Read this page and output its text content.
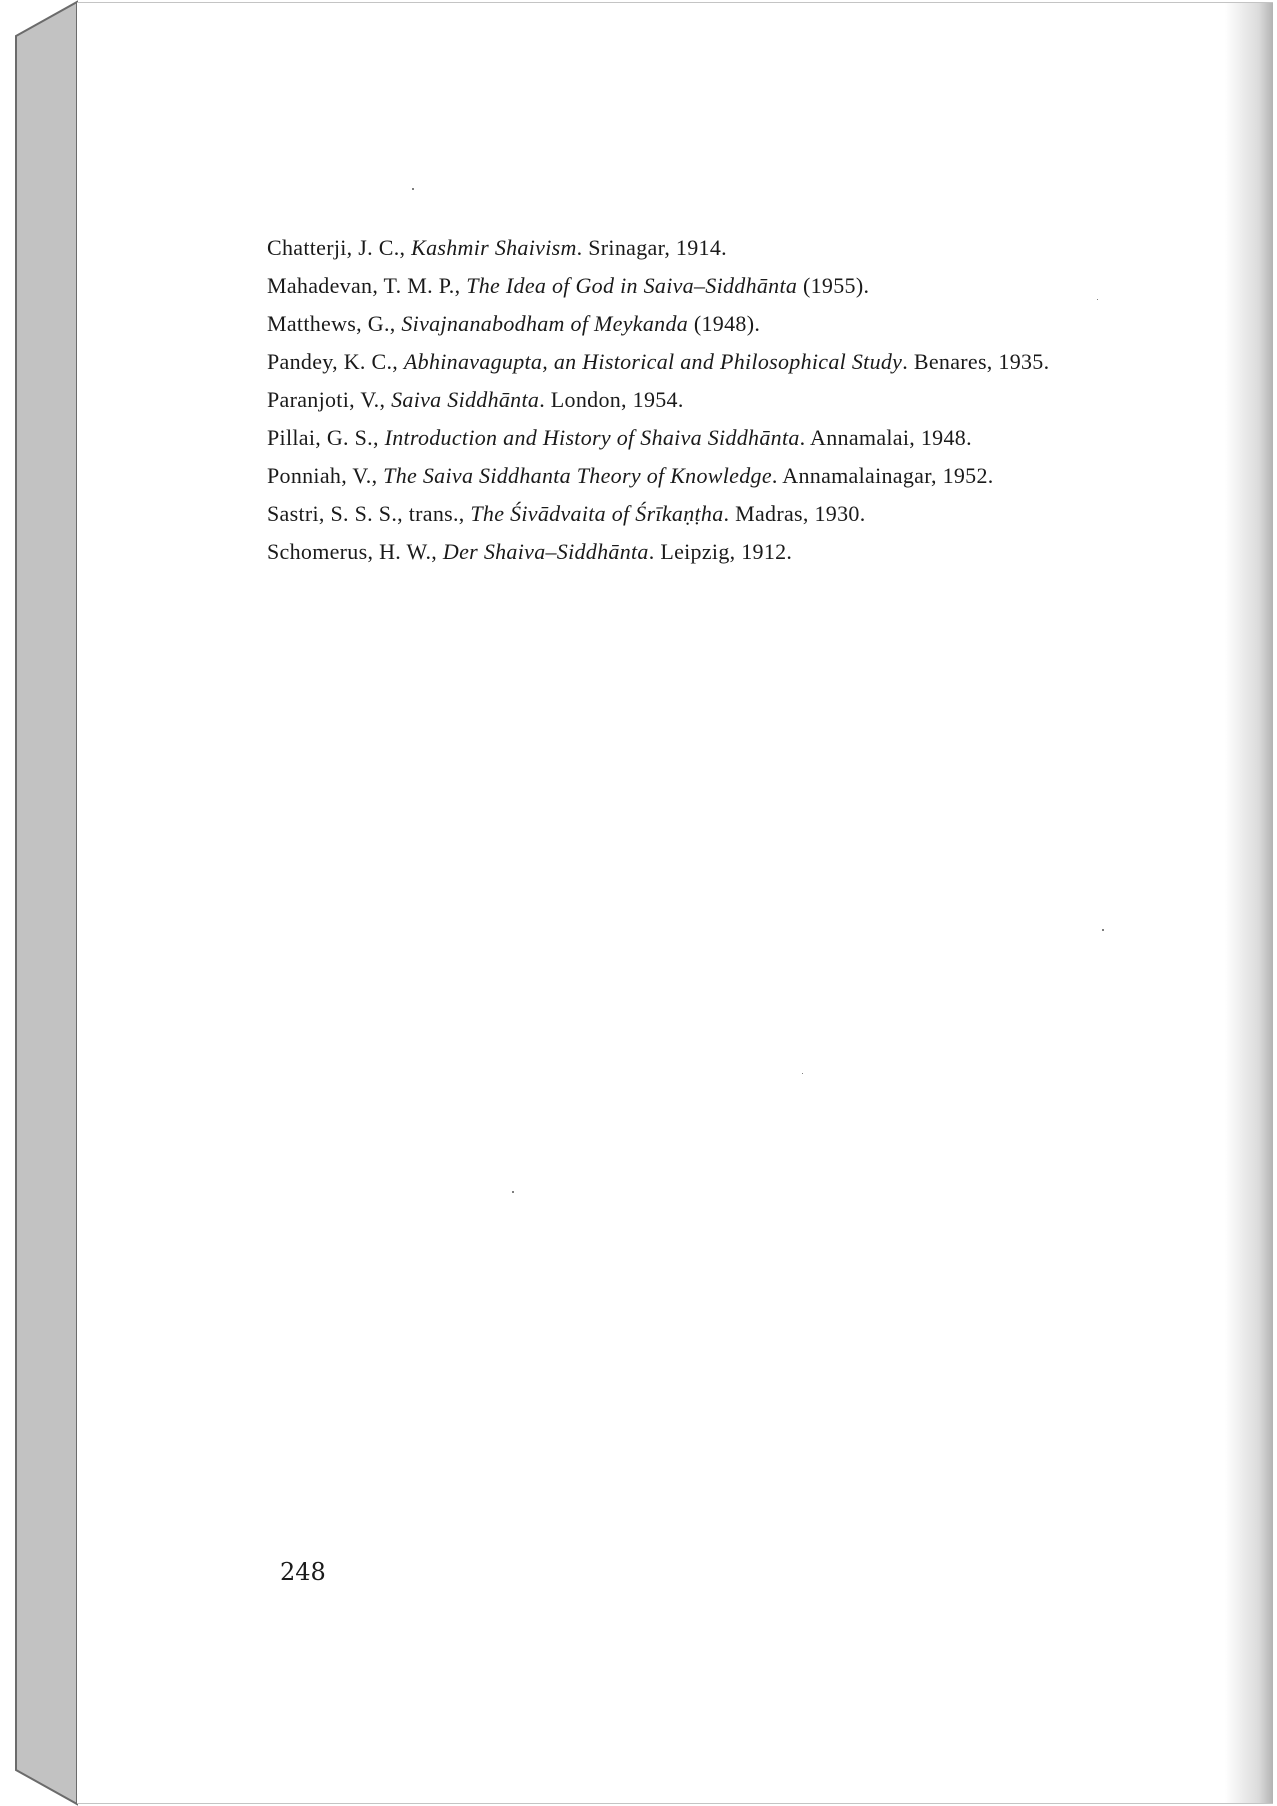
Chatterji, J. C., Kashmir Shaivism. Srinagar, 1914.

Mahadevan, T. M. P., The Idea of God in Saiva–Siddhānta (1955).

Matthews, G., Sivajnanabodham of Meykanda (1948).

Pandey, K. C., Abhinavagupta, an Historical and Philosophical Study. Benares, 1935.

Paranjoti, V., Saiva Siddhānta. London, 1954.

Pillai, G. S., Introduction and History of Shaiva Siddhānta. Annamalai, 1948.

Ponniah, V., The Saiva Siddhanta Theory of Knowledge. Annamalainagar, 1952.

Sastri, S. S. S., trans., The Śivādvaita of Śrīkaṇṭha. Madras, 1930.

Schomerus, H. W., Der Shaiva–Siddhānta. Leipzig, 1912.

248
